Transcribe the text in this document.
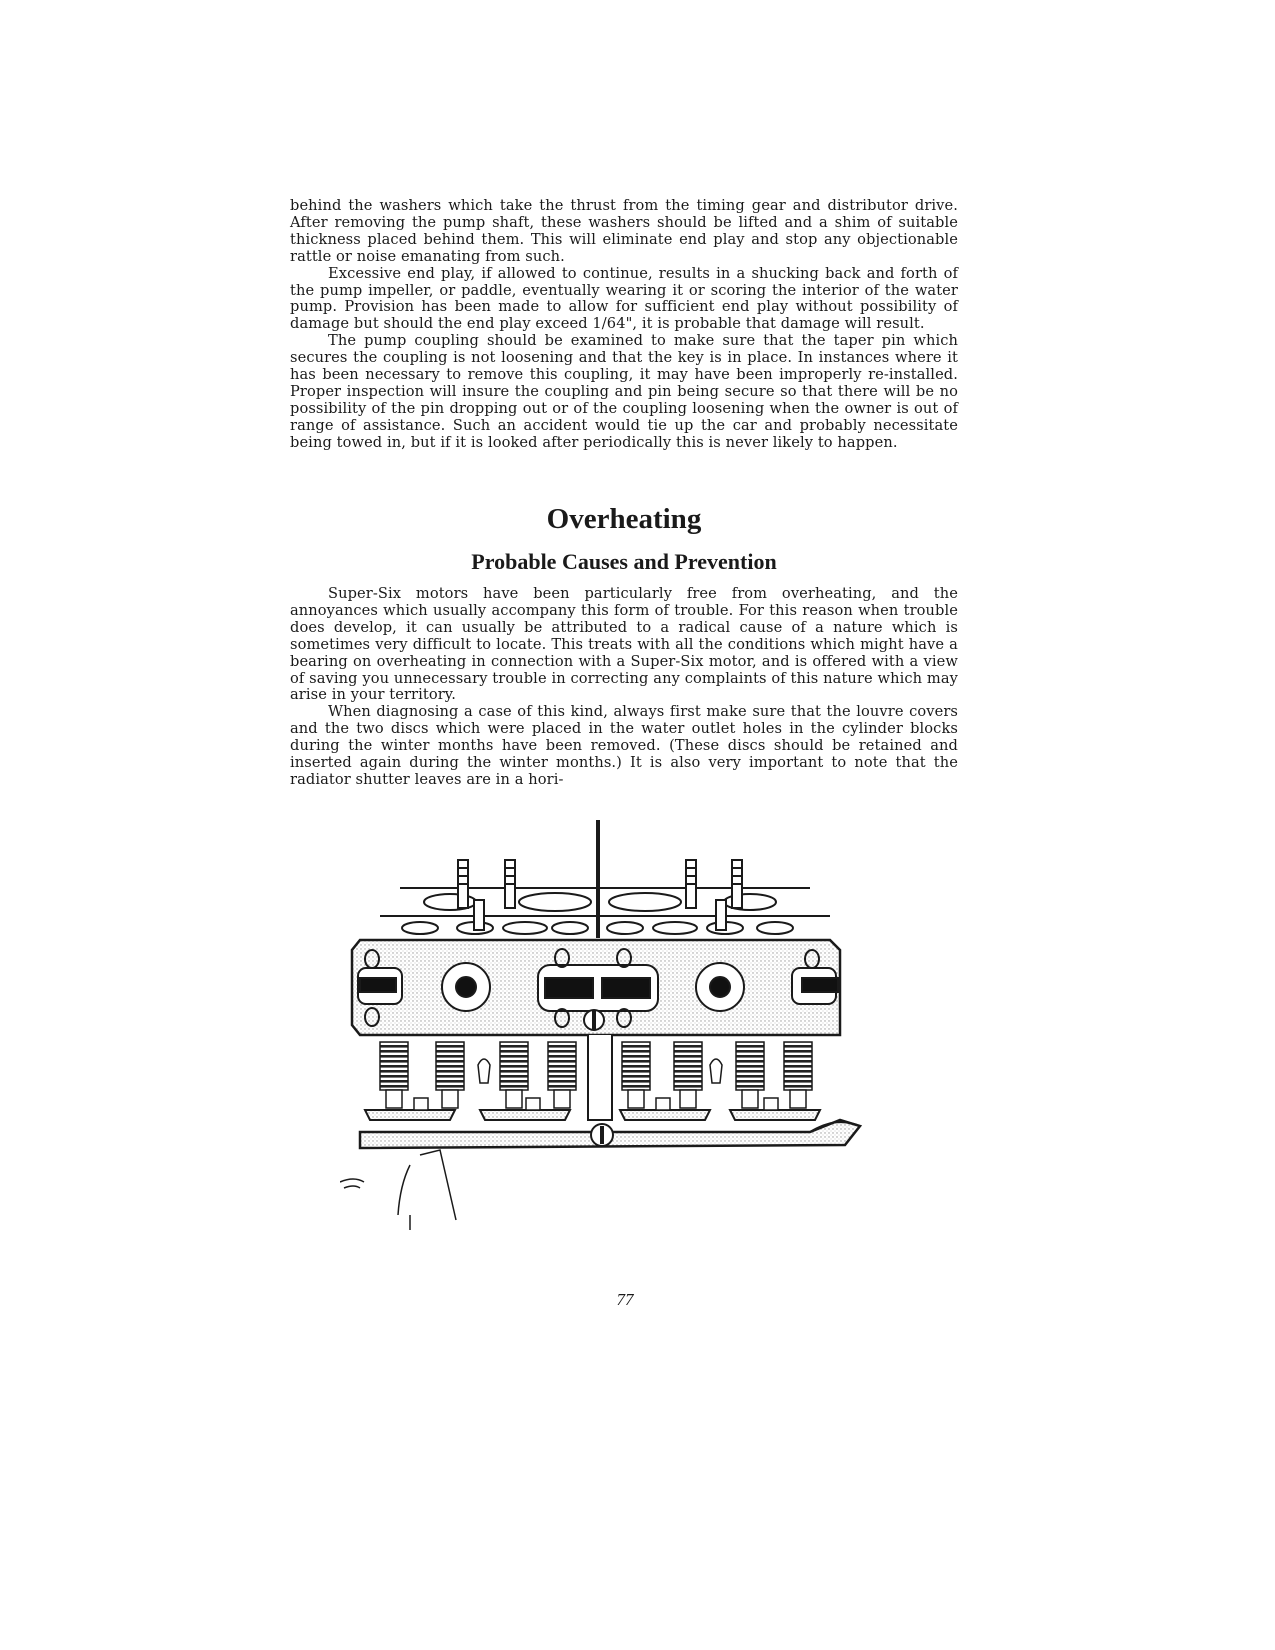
behind the washers which take the thrust from the timing gear and distributor drive. After removing the pump shaft, these washers should be lifted and a shim of suitable thickness placed behind them. This will eliminate end play and stop any objectionable rattle or noise emanating from such.

Excessive end play, if allowed to continue, results in a shucking back and forth of the pump impeller, or paddle, eventually wearing it or scoring the interior of the water pump. Provision has been made to allow for sufficient end play without possibility of damage but should the end play exceed 1/64", it is probable that damage will result.

The pump coupling should be examined to make sure that the taper pin which secures the coupling is not loosening and that the key is in place. In instances where it has been necessary to remove this coupling, it may have been improperly re-installed. Proper inspection will insure the coupling and pin being secure so that there will be no possibility of the pin dropping out or of the coupling loosening when the owner is out of range of assistance. Such an accident would tie up the car and probably necessitate being towed in, but if it is looked after periodically this is never likely to happen.

Overheating
Probable Causes and Prevention

Super-Six motors have been particularly free from overheating, and the annoyances which usually accompany this form of trouble. For this reason when trouble does develop, it can usually be attributed to a radical cause of a nature which is sometimes very difficult to locate. This treats with all the conditions which might have a bearing on overheating in connection with a Super-Six motor, and is offered with a view of saving you unnecessary trouble in correcting any complaints of this nature which may arise in your territory.

When diagnosing a case of this kind, always first make sure that the louvre covers and the two discs which were placed in the water outlet holes in the cylinder blocks during the winter months have been removed. (These discs should be retained and inserted again during the winter months.) It is also very important to note that the radiator shutter leaves are in a hori-

77
